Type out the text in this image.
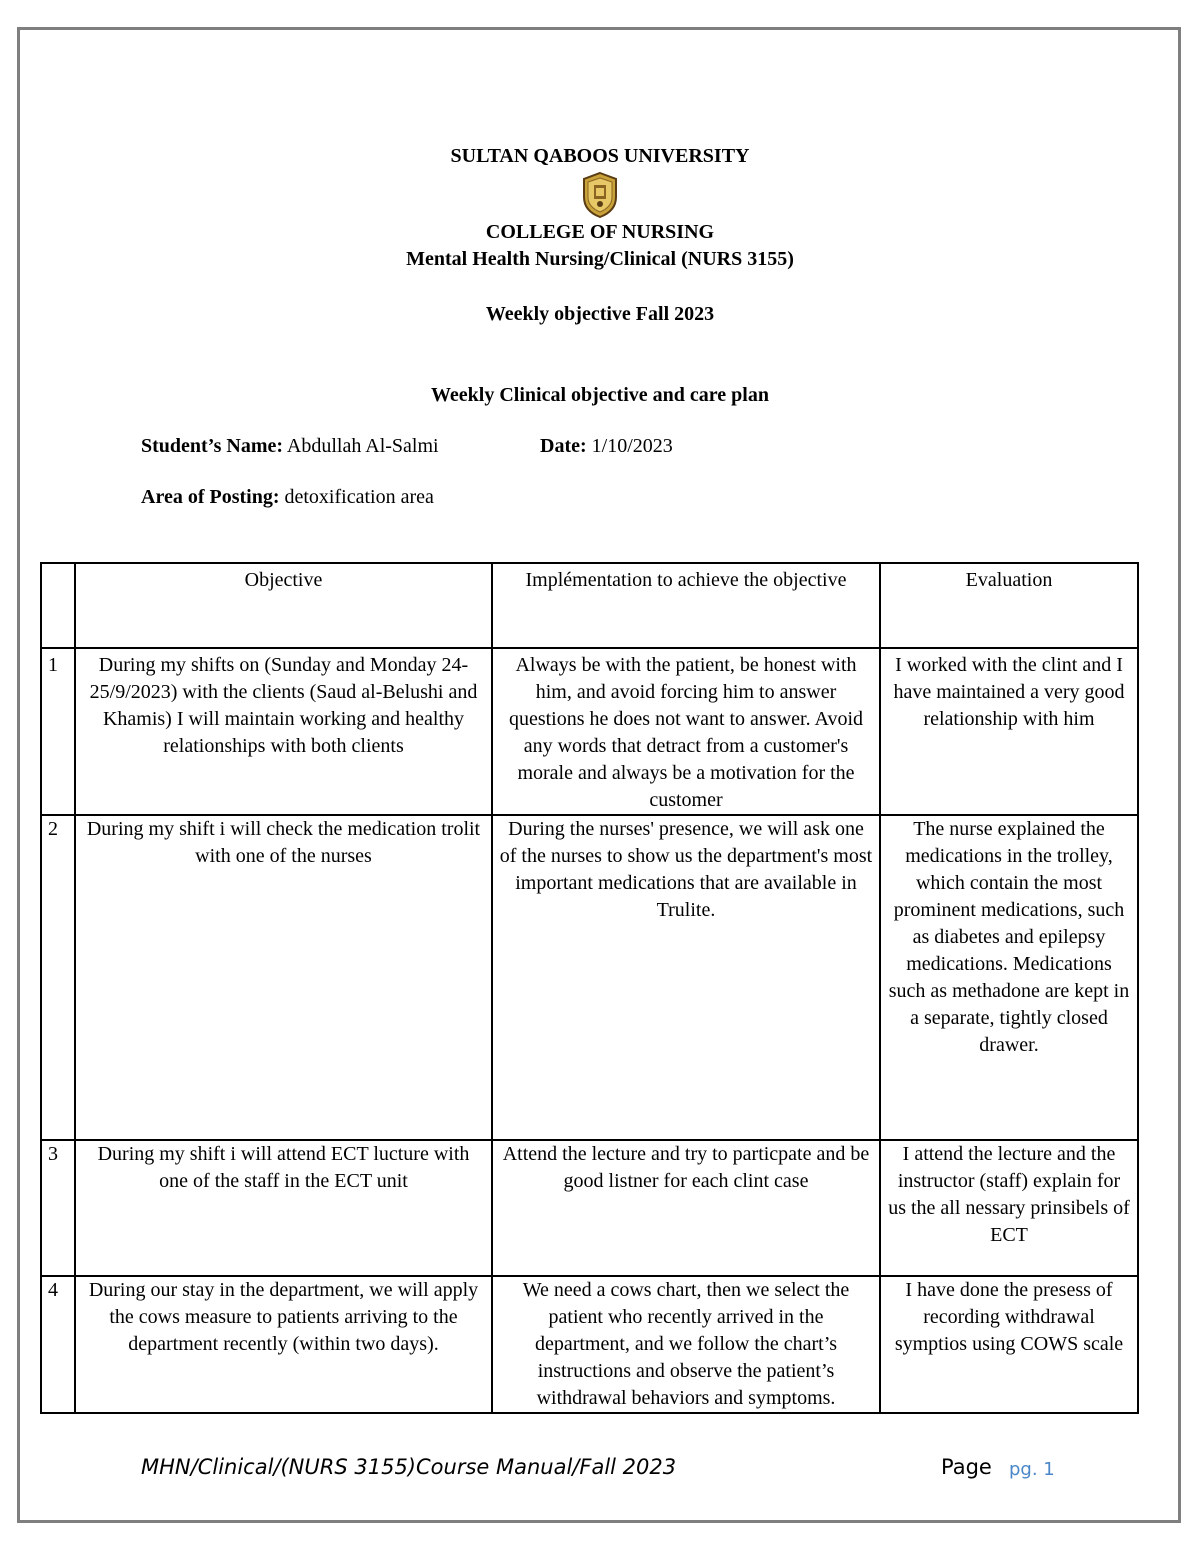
SULTAN QABOOS UNIVERSITY
COLLEGE OF NURSING
Mental Health Nursing/Clinical (NURS 3155)
Weekly objective Fall 2023
Weekly Clinical objective and care plan
Student’s Name: Abdullah Al-Salmi	Date: 1/10/2023
Area of Posting: detoxification area
	Objective	Implémentation to achieve the objective	Evaluation
1	During my shifts on (Sunday and Monday 24-25/9/2023) with the clients (Saud al-Belushi and Khamis) I will maintain working and healthy relationships with both clients	Always be with the patient, be honest with him, and avoid forcing him to answer questions he does not want to answer. Avoid any words that detract from a customer's morale and always be a motivation for the customer	I worked with the clint and I have maintained a very good relationship with him
2	During my shift i will check the medication trolit with one of the nurses	During the nurses' presence, we will ask one of the nurses to show us the department's most important medications that are available in Trulite.	The nurse explained the medications in the trolley, which contain the most prominent medications, such as diabetes and epilepsy medications. Medications such as methadone are kept in a separate, tightly closed drawer.
3	During my shift i will attend ECT lucture with one of the staff in the ECT unit	Attend the lecture and try to particpate and be good listner for each clint case	I attend the lecture and the instructor (staff) explain for us the all nessary prinsibels of ECT
4	During our stay in the department, we will apply the cows measure to patients arriving to the department recently (within two days).	We need a cows chart, then we select the patient who recently arrived in the department, and we follow the chart’s instructions and observe the patient’s withdrawal behaviors and symptoms.	I have done the presess of recording withdrawal symptios using COWS scale
MHN/Clinical/(NURS 3155)Course Manual/Fall 2023	Page pg. 1
